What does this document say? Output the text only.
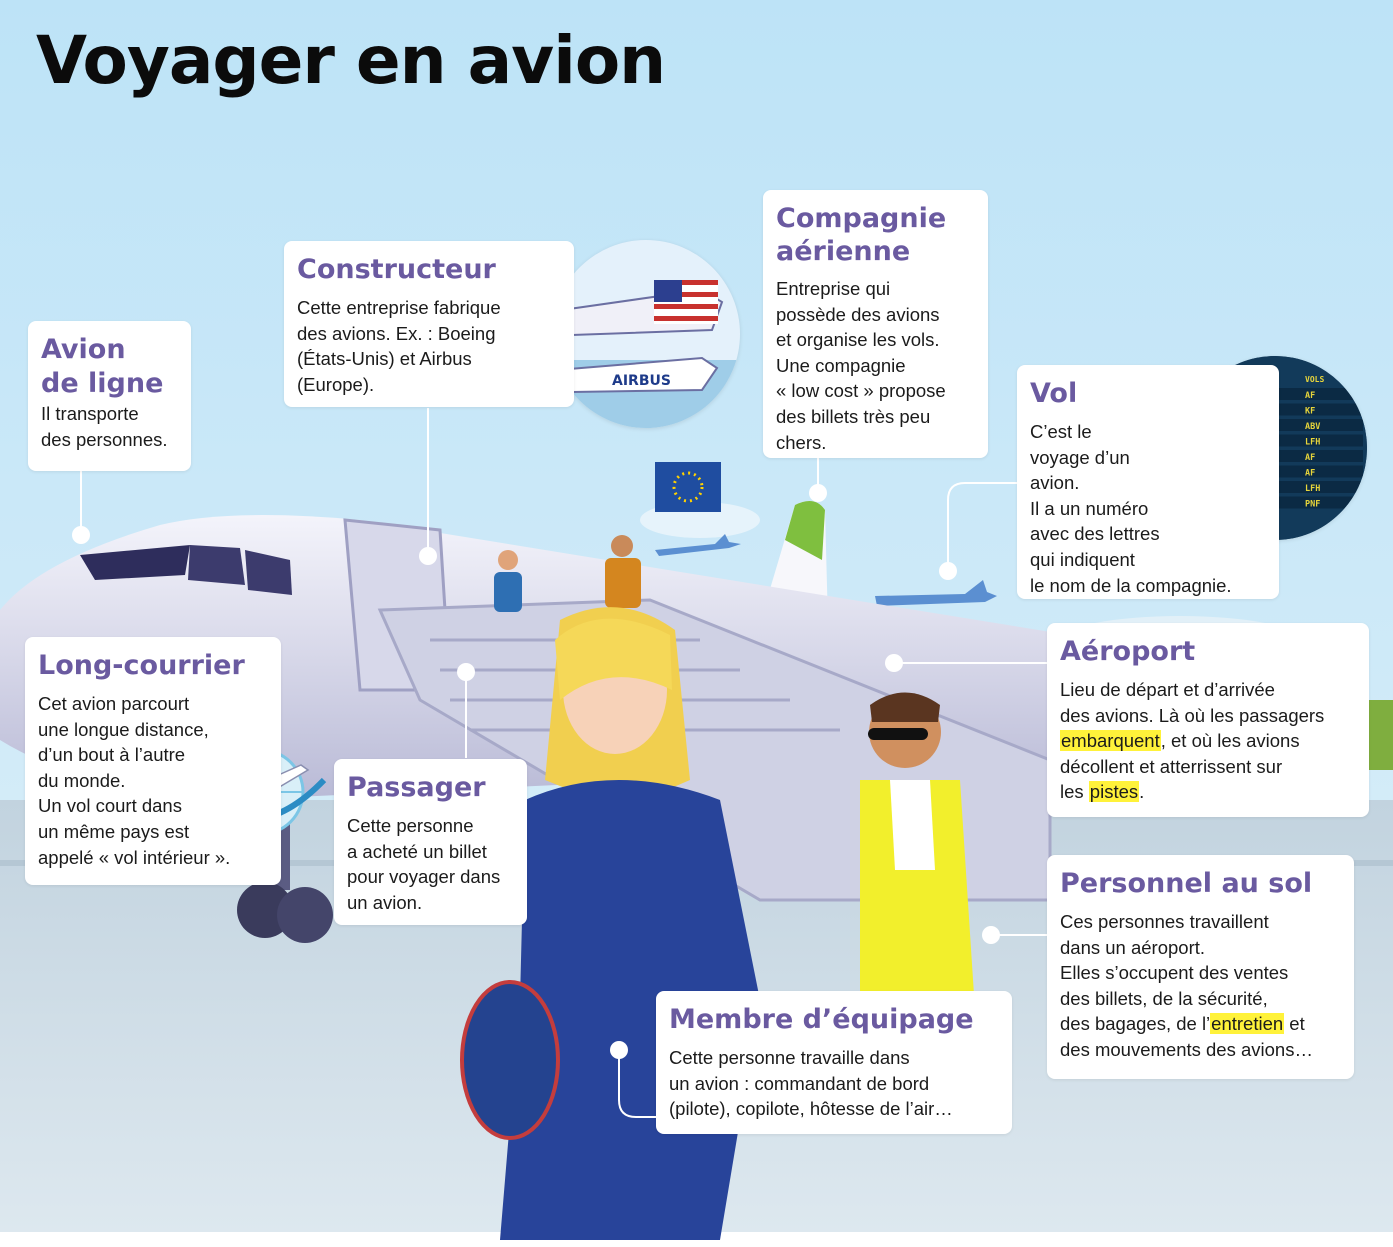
AIRBUS	VOLS
AF
KF
ABV
LFH
AF
AF
LFH
PNF
Voyager en avion
Avion
de ligne

Il transporte
des personnes.

Constructeur

Cette entreprise fabrique
des avions. Ex. : Boeing
(États-Unis) et Airbus
(Europe).

Compagnie
aérienne

Entreprise qui
possède des avions
et organise les vols.
Une compagnie
« low cost » propose
des billets très peu
chers.

Vol

C’est le
voyage d’un
avion.
Il a un numéro
avec des lettres
qui indiquent
le nom de la compagnie.

Long-courrier

Cet avion parcourt
une longue distance,
d’un bout à l’autre
du monde.
Un vol court dans
un même pays est
appelé « vol intérieur ».

Passager

Cette personne
a acheté un billet
pour voyager dans
un avion.

Aéroport

Lieu de départ et d’arrivée
des avions. Là où les passagers
embarquent, et où les avions
décollent et atterrissent sur
les pistes.

Personnel au sol

Ces personnes travaillent
dans un aéroport.
Elles s’occupent des ventes
des billets, de la sécurité,
des bagages, de l’entretien et
des mouvements des avions…

Membre d’équipage

Cette personne travaille dans
un avion : commandant de bord
(pilote), copilote, hôtesse de l’air…
